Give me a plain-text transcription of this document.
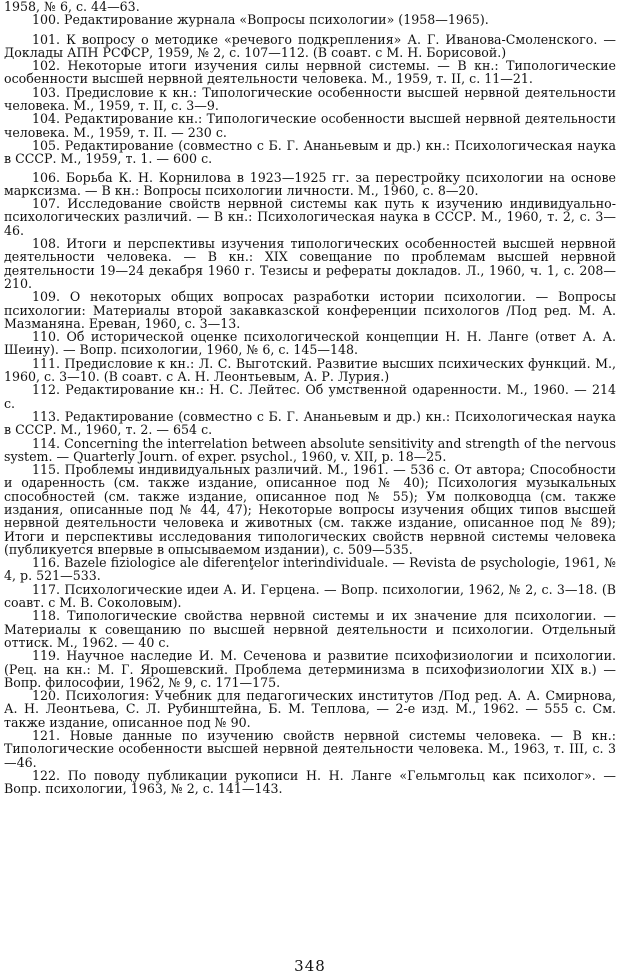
1958, № 6, с. 44—63.

100. Редактирование журнала «Вопросы психологии» (1958—1965).

101. К вопросу о методике «речевого подкрепления» А. Г. Иванова-Смоленского. — Доклады АПН РСФСР, 1959, № 2, с. 107—112. (В соавт. с М. Н. Борисовой.)

102. Некоторые итоги изучения силы нервной системы. — В кн.: Типологические особенности высшей нервной деятельности человека. М., 1959, т. II, с. 11—21.

103. Предисловие к кн.: Типологические особенности высшей нервной деятельности человека. М., 1959, т. II, с. 3—9.

104. Редактирование кн.: Типологические особенности высшей нервной деятельности человека. М., 1959, т. II. — 230 с.

105. Редактирование (совместно с Б. Г. Ананьевым и др.) кн.: Психологическая наука в СССР. М., 1959, т. 1. — 600 с.

106. Борьба К. Н. Корнилова в 1923—1925 гг. за перестройку психологии на основе марксизма. — В кн.: Вопросы психологии личности. М., 1960, с. 8—20.

107. Исследование свойств нервной системы как путь к изучению индивидуально-психологических различий. — В кн.: Психологическая наука в СССР. М., 1960, т. 2, с. 3—46.

108. Итоги и перспективы изучения типологических особенностей высшей нервной деятельности человека. — В кн.: XIX совещание по проблемам высшей нервной деятельности 19—24 декабря 1960 г. Тезисы и рефераты докладов. Л., 1960, ч. 1, с. 208—210.

109. О некоторых общих вопросах разработки истории психологии. — Вопросы психологии: Материалы второй закавказской конференции психологов /Под ред. М. А. Мазманяна. Ереван, 1960, с. 3—13.

110. Об исторической оценке психологической концепции Н. Н. Ланге (ответ А. А. Шеину). — Вопр. психологии, 1960, № 6, с. 145—148.

111. Предисловие к кн.: Л. С. Выготский. Развитие высших психических функций. М., 1960, с. 3—10. (В соавт. с А. Н. Леонтьевым, А. Р. Лурия.)

112. Редактирование кн.: Н. С. Лейтес. Об умственной одаренности. М., 1960. — 214 с.

113. Редактирование (совместно с Б. Г. Ананьевым и др.) кн.: Психологическая наука в СССР. М., 1960, т. 2. — 654 с.

114. Concerning the interrelation between absolute sensitivity and strength of the nervous system. — Quarterly Journ. of exper. psychol., 1960, v. XII, p. 18—25.

115. Проблемы индивидуальных различий. М., 1961. — 536 с. От автора; Способности и одаренность (см. также издание, описанное под № 40); Психология музыкальных способностей (см. также издание, описанное под № 55); Ум полководца (см. также издания, описанные под № 44, 47); Некоторые вопросы изучения общих типов высшей нервной деятельности человека и животных (см. также издание, описанное под № 89); Итоги и перспективы исследования типологических свойств нервной системы человека (публикуется впервые в опысываемом издании), с. 509—535.

116. Bazele fiziologice ale diferenţelor interindividuale. — Revista de psychologie, 1961, № 4, p. 521—533.

117. Психологические идеи А. И. Герцена. — Вопр. психологии, 1962, № 2, с. 3—18. (В соавт. с М. В. Соколовым).

118. Типологические свойства нервной системы и их значение для психологии. — Материалы к совещанию по высшей нервной деятельности и психологии. Отдельный оттиск. М., 1962. — 40 с.

119. Научное наследие И. М. Сеченова и развитие психофизиологии и психологии. (Рец. на кн.: М. Г. Ярошевский. Проблема детерминизма в психофизиологии XIX в.) — Вопр. философии, 1962, № 9, с. 171—175.

120. Психология: Учебник для педагогических институтов /Под ред. А. А. Смирнова, А. Н. Леонтьева, С. Л. Рубинштейна, Б. М. Теплова, — 2-е изд. М., 1962. — 555 с. См. также издание, описанное под № 90.

121. Новые данные по изучению свойств нервной системы человека. — В кн.: Типологические особенности высшей нервной деятельности человека. М., 1963, т. III, с. 3—46.

122. По поводу публикации рукописи Н. Н. Ланге «Гельмгольц как психолог». — Вопр. психологии, 1963, № 2, с. 141—143.

348
